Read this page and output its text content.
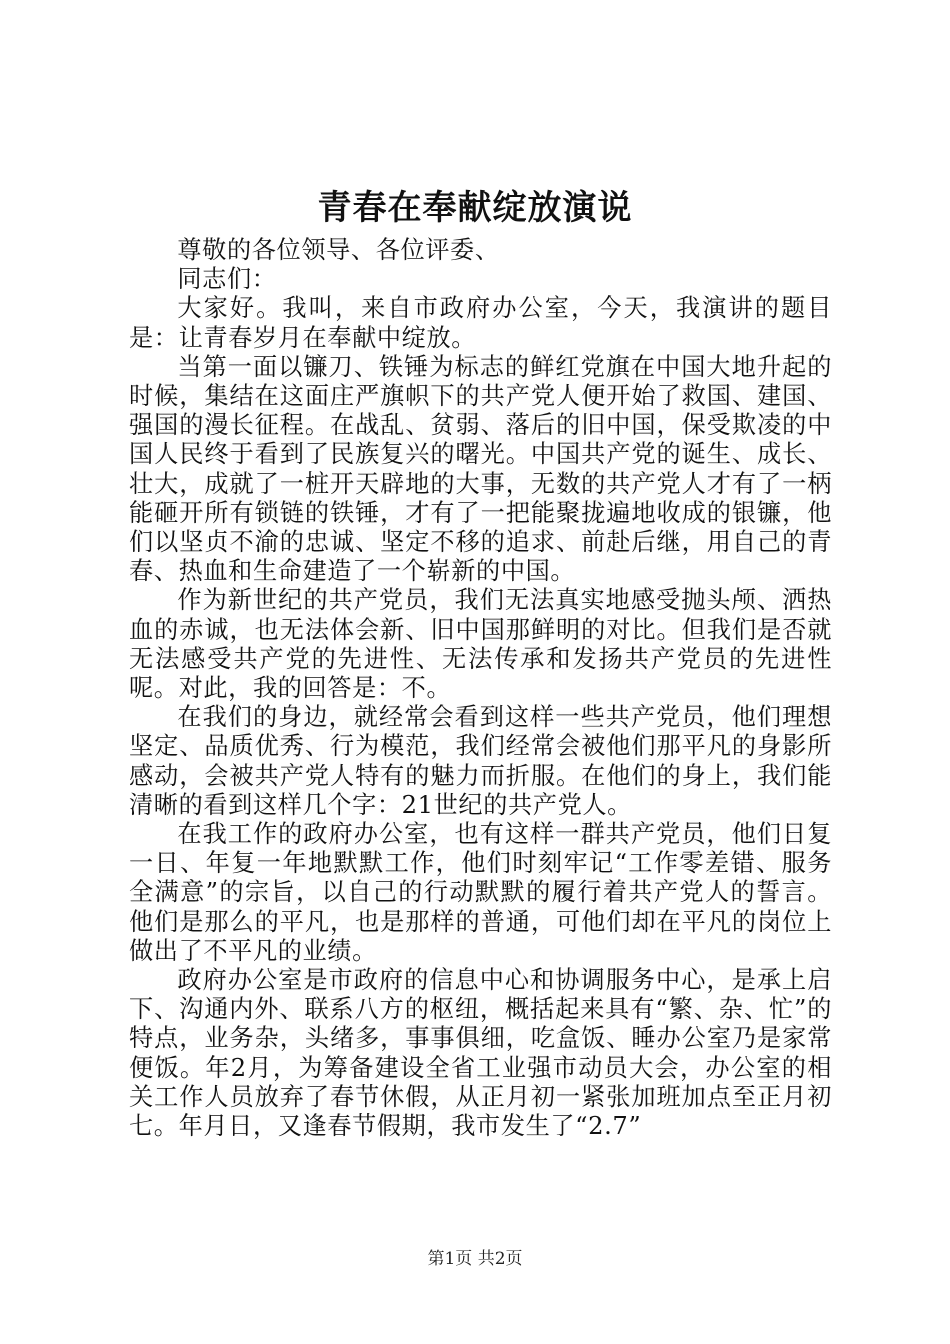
青春在奉献绽放演说

尊敬的各位领导、各位评委、

同志们：

大家好。我叫，来自市政府办公室，今天，我演讲的题目是：让青春岁月在奉献中绽放。

当第一面以镰刀、铁锤为标志的鲜红党旗在中国大地升起的时候，集结在这面庄严旗帜下的共产党人便开始了救国、建国、强国的漫长征程。在战乱、贫弱、落后的旧中国，保受欺凌的中国人民终于看到了民族复兴的曙光。中国共产党的诞生、成长、壮大，成就了一桩开天辟地的大事，无数的共产党人才有了一柄能砸开所有锁链的铁锤，才有了一把能聚拢遍地收成的银镰，他们以坚贞不渝的忠诚、坚定不移的追求、前赴后继，用自己的青春、热血和生命建造了一个崭新的中国。

作为新世纪的共产党员，我们无法真实地感受抛头颅、洒热血的赤诚，也无法体会新、旧中国那鲜明的对比。但我们是否就无法感受共产党的先进性、无法传承和发扬共产党员的先进性呢。对此，我的回答是：不。

在我们的身边，就经常会看到这样一些共产党员，他们理想坚定、品质优秀、行为模范，我们经常会被他们那平凡的身影所感动，会被共产党人特有的魅力而折服。在他们的身上，我们能清晰的看到这样几个字：21世纪的共产党人。

在我工作的政府办公室，也有这样一群共产党员，他们日复一日、年复一年地默默工作，他们时刻牢记“工作零差错、服务全满意”的宗旨，以自己的行动默默的履行着共产党人的誓言。他们是那么的平凡，也是那样的普通，可他们却在平凡的岗位上做出了不平凡的业绩。

政府办公室是市政府的信息中心和协调服务中心，是承上启下、沟通内外、联系八方的枢纽，概括起来具有“繁、杂、忙”的特点，业务杂，头绪多，事事俱细，吃盒饭、睡办公室乃是家常便饭。年2月，为筹备建设全省工业强市动员大会，办公室的相关工作人员放弃了春节休假，从正月初一紧张加班加点至正月初七。年月日，又逢春节假期，我市发生了“2.7”

第1页 共2页
